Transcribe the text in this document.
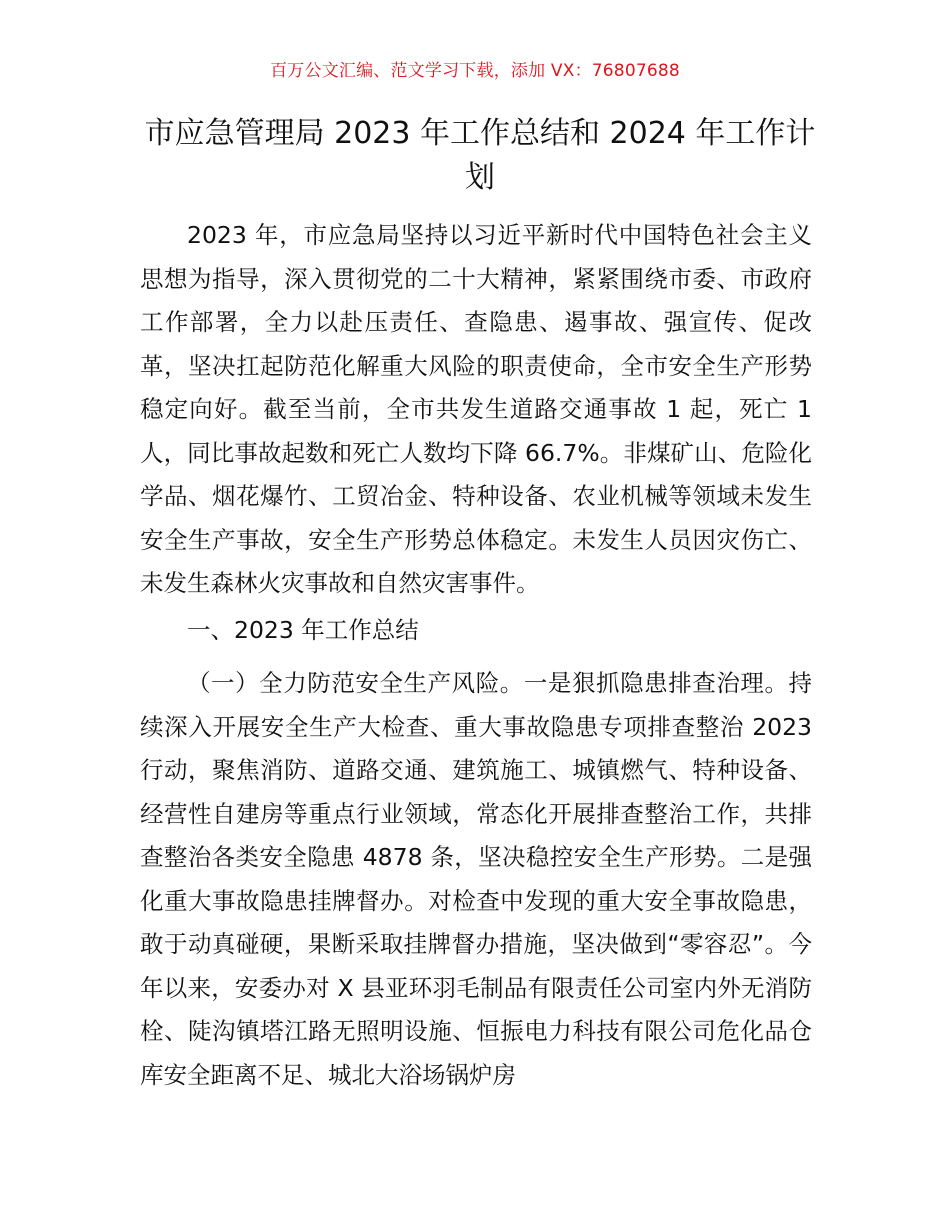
百万公文汇编、范文学习下载，添加 VX：76807688
市应急管理局 2023 年工作总结和 2024 年工作计划

2023 年，市应急局坚持以习近平新时代中国特色社会主义思想为指导，深入贯彻党的二十大精神，紧紧围绕市委、市政府工作部署，全力以赴压责任、查隐患、遏事故、强宣传、促改革，坚决扛起防范化解重大风险的职责使命，全市安全生产形势稳定向好。截至当前，全市共发生道路交通事故 1 起，死亡 1 人，同比事故起数和死亡人数均下降 66.7%。非煤矿山、危险化学品、烟花爆竹、工贸冶金、特种设备、农业机械等领域未发生安全生产事故，安全生产形势总体稳定。未发生人员因灾伤亡、未发生森林火灾事故和自然灾害事件。

一、2023 年工作总结

（一）全力防范安全生产风险。一是狠抓隐患排查治理。持续深入开展安全生产大检查、重大事故隐患专项排查整治 2023 行动，聚焦消防、道路交通、建筑施工、城镇燃气、特种设备、经营性自建房等重点行业领域，常态化开展排查整治工作，共排查整治各类安全隐患 4878 条，坚决稳控安全生产形势。二是强化重大事故隐患挂牌督办。对检查中发现的重大安全事故隐患，敢于动真碰硬，果断采取挂牌督办措施，坚决做到“零容忍”。今年以来，安委办对 X 县亚环羽毛制品有限责任公司室内外无消防栓、陡沟镇塔江路无照明设施、恒振电力科技有限公司危化品仓库安全距离不足、城北大浴场锅炉房
